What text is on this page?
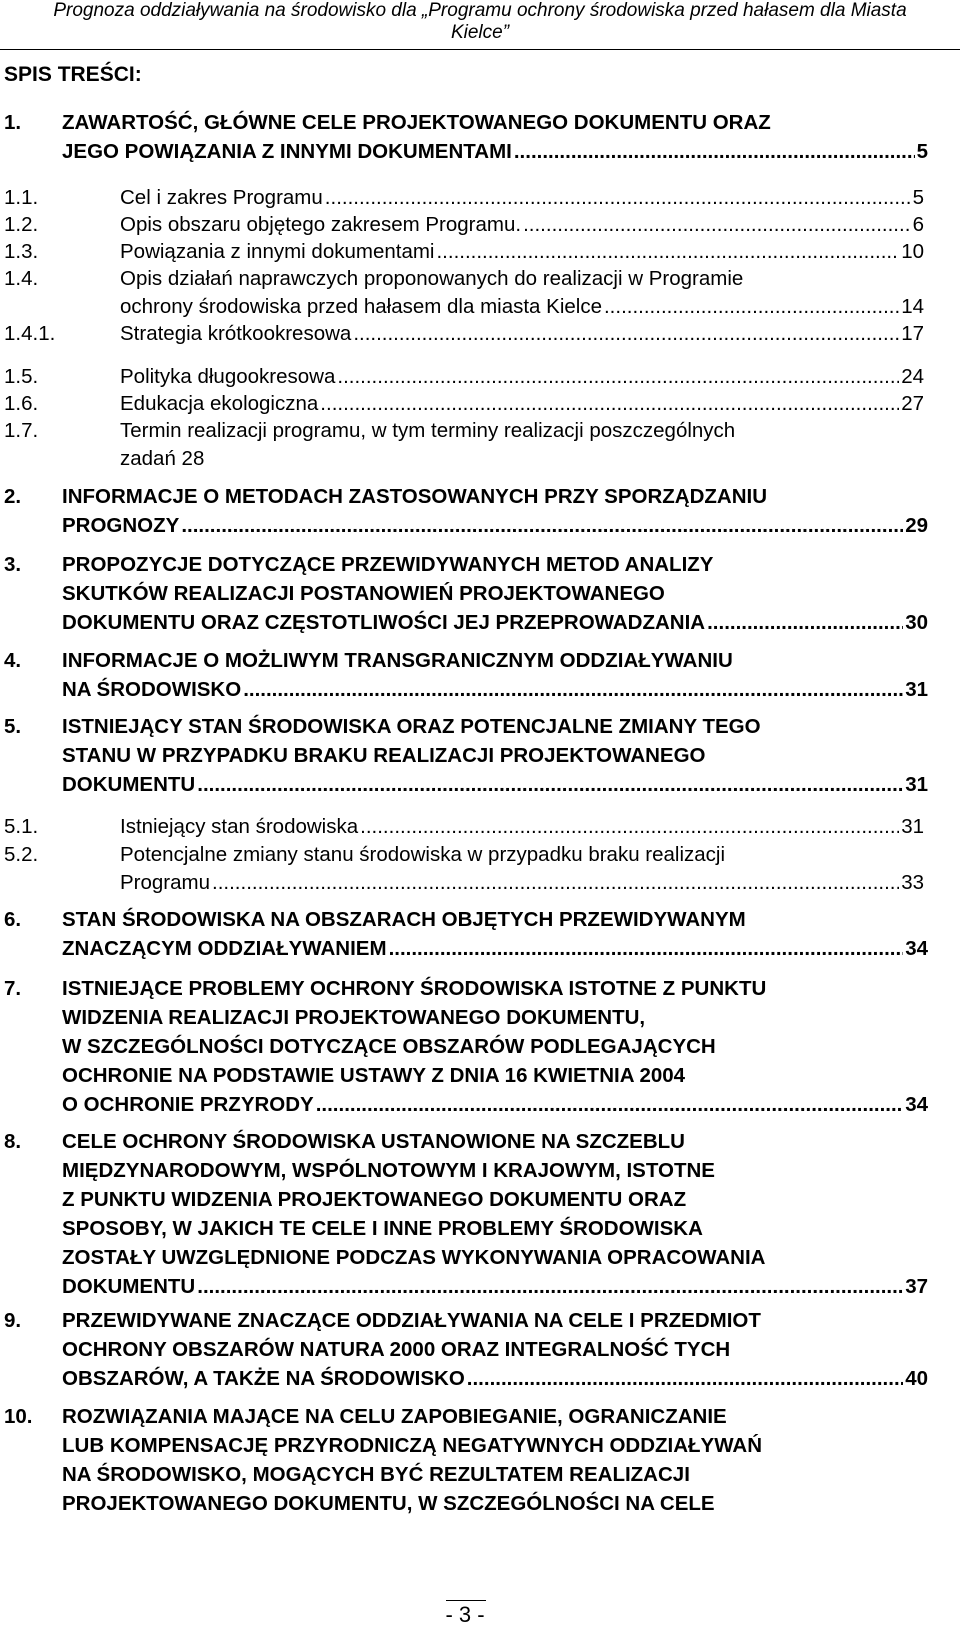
Prognoza oddziaływania na środowisko dla „Programu ochrony środowiska przed hałasem dla Miasta
Kielce”
SPIS TREŚCI:
1. ZAWARTOŚĆ, GŁÓWNE CELE PROJEKTOWANEGO DOKUMENTU ORAZ
JEGO POWIĄZANIA Z INNYMI DOKUMENTAMI .....	5
1.1.	Cel i zakres Programu .....	5
1.2.	Opis obszaru objętego zakresem Programu. .....	6
1.3.	Powiązania z innymi dokumentami .....	10
1.4.	Opis działań naprawczych proponowanych do realizacji w Programie
ochrony środowiska przed hałasem dla miasta Kielce .....	14
1.4.1.	Strategia krótkookresowa .....	17
1.5.	Polityka długookresowa .....	24
1.6.	Edukacja ekologiczna .....	27
1.7.	Termin realizacji programu, w tym terminy realizacji poszczególnych
zadań 28
2. INFORMACJE O METODACH ZASTOSOWANYCH PRZY SPORZĄDZANIU
PROGNOZY .....	29
3. PROPOZYCJE DOTYCZĄCE PRZEWIDYWANYCH METOD ANALIZY
SKUTKÓW REALIZACJI POSTANOWIEŃ PROJEKTOWANEGO
DOKUMENTU ORAZ CZĘSTOTLIWOŚCI JEJ PRZEPROWADZANIA .....	30
4. INFORMACJE O MOŻLIWYM TRANSGRANICZNYM ODDZIAŁYWANIU
NA ŚRODOWISKO .....	31
5. ISTNIEJĄCY STAN ŚRODOWISKA ORAZ POTENCJALNE ZMIANY TEGO
STANU W PRZYPADKU BRAKU REALIZACJI PROJEKTOWANEGO
DOKUMENTU .....	31
5.1.	Istniejący stan środowiska .....	31
5.2.	Potencjalne zmiany stanu środowiska w przypadku braku realizacji
Programu .....	33
6. STAN ŚRODOWISKA NA OBSZARACH OBJĘTYCH PRZEWIDYWANYM
ZNACZĄCYM ODDZIAŁYWANIEM .....	34
7. ISTNIEJĄCE PROBLEMY OCHRONY ŚRODOWISKA ISTOTNE Z PUNKTU
WIDZENIA REALIZACJI PROJEKTOWANEGO DOKUMENTU,
W SZCZEGÓLNOŚCI DOTYCZĄCE OBSZARÓW PODLEGAJĄCYCH
OCHRONIE NA PODSTAWIE USTAWY Z DNIA 16 KWIETNIA 2004
O OCHRONIE PRZYRODY .....	34
8. CELE OCHRONY ŚRODOWISKA USTANOWIONE NA SZCZEBLU
MIĘDZYNARODOWYM, WSPÓLNOTOWYM I KRAJOWYM, ISTOTNE
Z PUNKTU WIDZENIA PROJEKTOWANEGO DOKUMENTU ORAZ
SPOSOBY, W JAKICH TE CELE I INNE PROBLEMY ŚRODOWISKA
ZOSTAŁY UWZGLĘDNIONE PODCZAS WYKONYWANIA OPRACOWANIA
DOKUMENTU .....	37
9. PRZEWIDYWANE ZNACZĄCE ODDZIAŁYWANIA NA CELE I PRZEDMIOT
OCHRONY OBSZARÓW NATURA 2000 ORAZ INTEGRALNOŚĆ TYCH
OBSZARÓW, A TAKŻE NA ŚRODOWISKO .....	40
10. ROZWIĄZANIA MAJĄCE NA CELU ZAPOBIEGANIE, OGRANICZANIE
LUB KOMPENSACJĘ PRZYRODNICZĄ NEGATYWNYCH ODDZIAŁYWAŃ
NA ŚRODOWISKO, MOGĄCYCH BYĆ REZULTATEM REALIZACJI
PROJEKTOWANEGO DOKUMENTU, W SZCZEGÓLNOŚCI NA CELE
- 3 -
